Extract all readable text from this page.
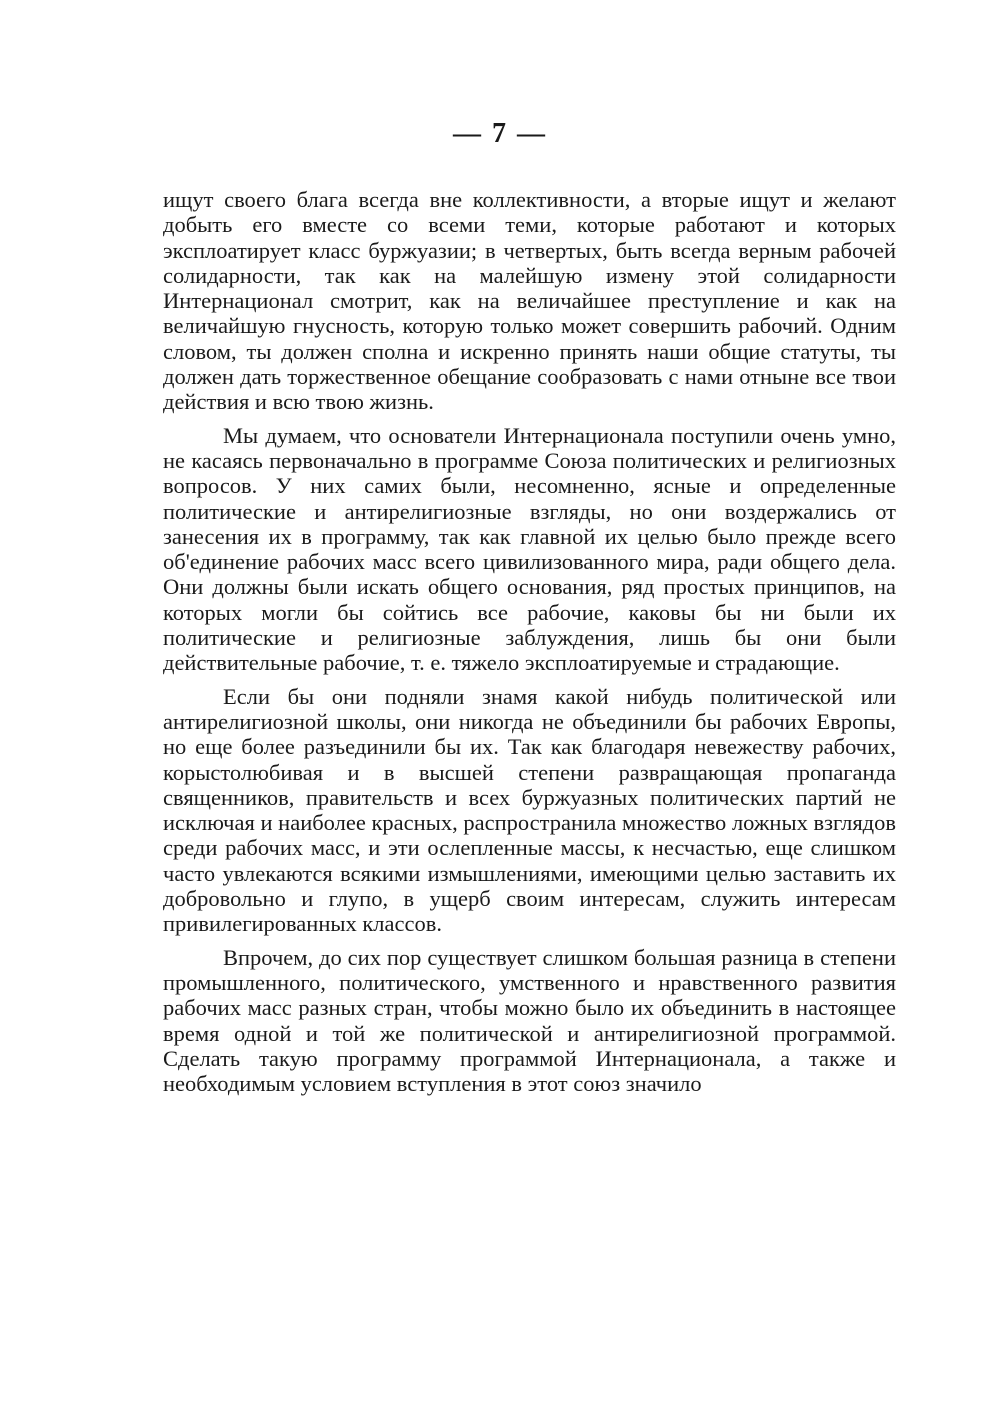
— 7 —

ищут своего блага всегда вне коллективности, а вторые ищут и желают добыть его вместе со всеми теми, которые работают и которых эксплоатирует класс буржуазии; в четвертых, быть всегда верным рабочей солидарности, так как на малейшую измену этой солидарности Интернационал смотрит, как на величайшее преступление и как на величайшую гнусность, которую только может совершить рабочий. Одним словом, ты должен сполна и искренно принять наши общие статуты, ты должен дать торжественное обещание сообразовать с нами отныне все твои действия и всю твою жизнь.

Мы думаем, что основатели Интернационала поступили очень умно, не касаясь первоначально в программе Союза политических и религиозных вопросов. У них самих были, несомненно, ясные и определенные политические и антирелигиозные взгляды, но они воздержались от занесения их в программу, так как главной их целью было прежде всего об'единение рабочих масс всего цивилизованного мира, ради общего дела. Они должны были искать общего основания, ряд простых принципов, на которых могли бы сойтись все рабочие, каковы бы ни были их политические и религиозные заблуждения, лишь бы они были действительные рабочие, т. е. тяжело эксплоатируемые и страдающие.

Если бы они подняли знамя какой нибудь политической или антирелигиозной школы, они никогда не объединили бы рабочих Европы, но еще более разъединили бы их. Так как благодаря невежеству рабочих, корыстолюбивая и в высшей степени развращающая пропаганда священников, правительств и всех буржуазных политических партий не исключая и наиболее красных, распространила множество ложных взглядов среди рабочих масс, и эти ослепленные массы, к несчастью, еще слишком часто увлекаются всякими измышлениями, имеющими целью заставить их добровольно и глупо, в ущерб своим интересам, служить интересам привилегированных классов.

Впрочем, до сих пор существует слишком большая разница в степени промышленного, политического, умственного и нравственного развития рабочих масс разных стран, чтобы можно было их объединить в настоящее время одной и той же политической и антирелигиозной программой. Сделать такую программу программой Интернационала, а также и необходимым условием вступления в этот союз значило
